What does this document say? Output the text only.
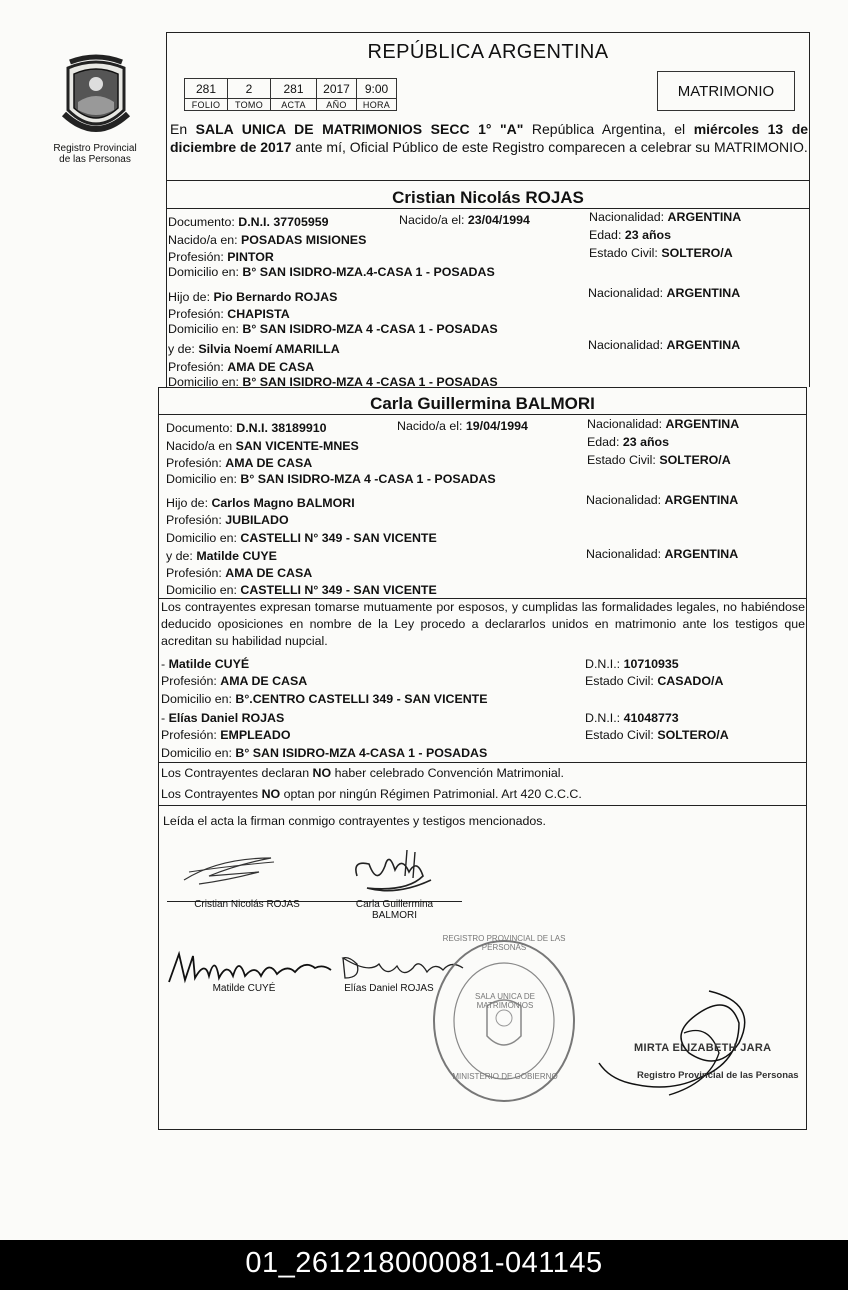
Registro Provincial
de las Personas
REPÚBLICA ARGENTINA
281	2	281	2017	9:00
FOLIO	TOMO	ACTA	AÑO	HORA
MATRIMONIO
En SALA UNICA DE MATRIMONIOS SECC 1° "A" República Argentina, el miércoles 13 de diciembre de 2017 ante mí, Oficial Público de este Registro comparecen a celebrar su MATRIMONIO.
Cristian Nicolás ROJAS
Documento: D.N.I. 37705959	Nacido/a el: 23/04/1994	Nacionalidad: ARGENTINA
Nacido/a en: POSADAS MISIONES	Edad: 23 años
Profesión: PINTOR	Estado Civil: SOLTERO/A
Domicilio en: B° SAN ISIDRO-MZA.4-CASA 1 - POSADAS
Hijo de: Pio Bernardo ROJAS	Nacionalidad: ARGENTINA
Profesión: CHAPISTA
Domicilio en: B° SAN ISIDRO-MZA 4 -CASA 1 - POSADAS
y de: Silvia Noemí AMARILLA	Nacionalidad: ARGENTINA
Profesión: AMA DE CASA
Domicilio en: B° SAN ISIDRO-MZA 4 -CASA 1 - POSADAS
Carla Guillermina BALMORI
Documento: D.N.I. 38189910	Nacido/a el: 19/04/1994	Nacionalidad: ARGENTINA
Nacido/a en SAN VICENTE-MNES	Edad: 23 años
Profesión: AMA DE CASA	Estado Civil: SOLTERO/A
Domicilio en: B° SAN ISIDRO-MZA 4 -CASA 1 - POSADAS
Hijo de: Carlos Magno BALMORI	Nacionalidad: ARGENTINA
Profesión: JUBILADO
Domicilio en: CASTELLI N° 349 - SAN VICENTE
y de: Matilde CUYE	Nacionalidad: ARGENTINA
Profesión: AMA DE CASA
Domicilio en: CASTELLI N° 349 - SAN VICENTE
Los contrayentes expresan tomarse mutuamente por esposos, y cumplidas las formalidades legales, no habiéndose deducido oposiciones en nombre de la Ley procedo a declararlos unidos en matrimonio ante los testigos que acreditan su habilidad nupcial.
- Matilde CUYÉ	D.N.I.: 10710935
Profesión: AMA DE CASA	Estado Civil: CASADO/A
Domicilio en: B°.CENTRO CASTELLI 349 - SAN VICENTE
- Elías Daniel ROJAS	D.N.I.: 41048773
Profesión: EMPLEADO	Estado Civil: SOLTERO/A
Domicilio en: B° SAN ISIDRO-MZA 4-CASA 1 - POSADAS
Los Contrayentes declaran NO haber celebrado Convención Matrimonial.
Los Contrayentes NO optan por ningún Régimen Patrimonial. Art 420 C.C.C.
Leída el acta la firman conmigo contrayentes y testigos mencionados.
Cristian Nicolás ROJAS	Carla Guillermina
BALMORI
Matilde CUYÉ	Elías Daniel ROJAS
SALA UNICA DE MATRIMONIOS
MINISTERIO DE GOBIERNO
REGISTRO PROVINCIAL DE LAS PERSONAS
MIRTA ELIZABETH JARA
Registro Provincial de las Personas
01_261218000081-041145
